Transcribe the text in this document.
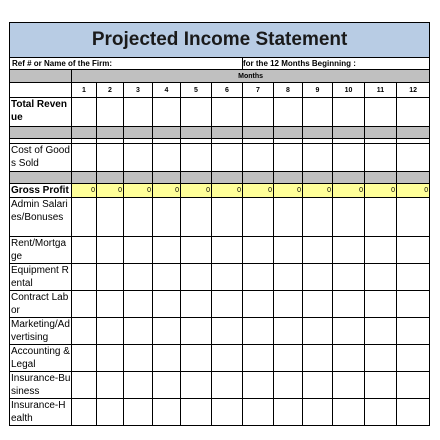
Projected Income Statement												
Ref # or Name of the Firm:							for the 12 Months Beginning :					
	Months											
	1	2	3	4	5	6	7	8	9	10	11	12
Total Revenue												

Cost of Goods Sold												

Gross Profit	0	0	0	0	0	0	0	0	0	0	0	0
Admin Salaries/Bonuses												
Rent/Mortgage												
Equipment Rental												
Contract Labor												
Marketing/Advertising												
Accounting & Legal												
Insurance-Business												
Insurance-Health												
